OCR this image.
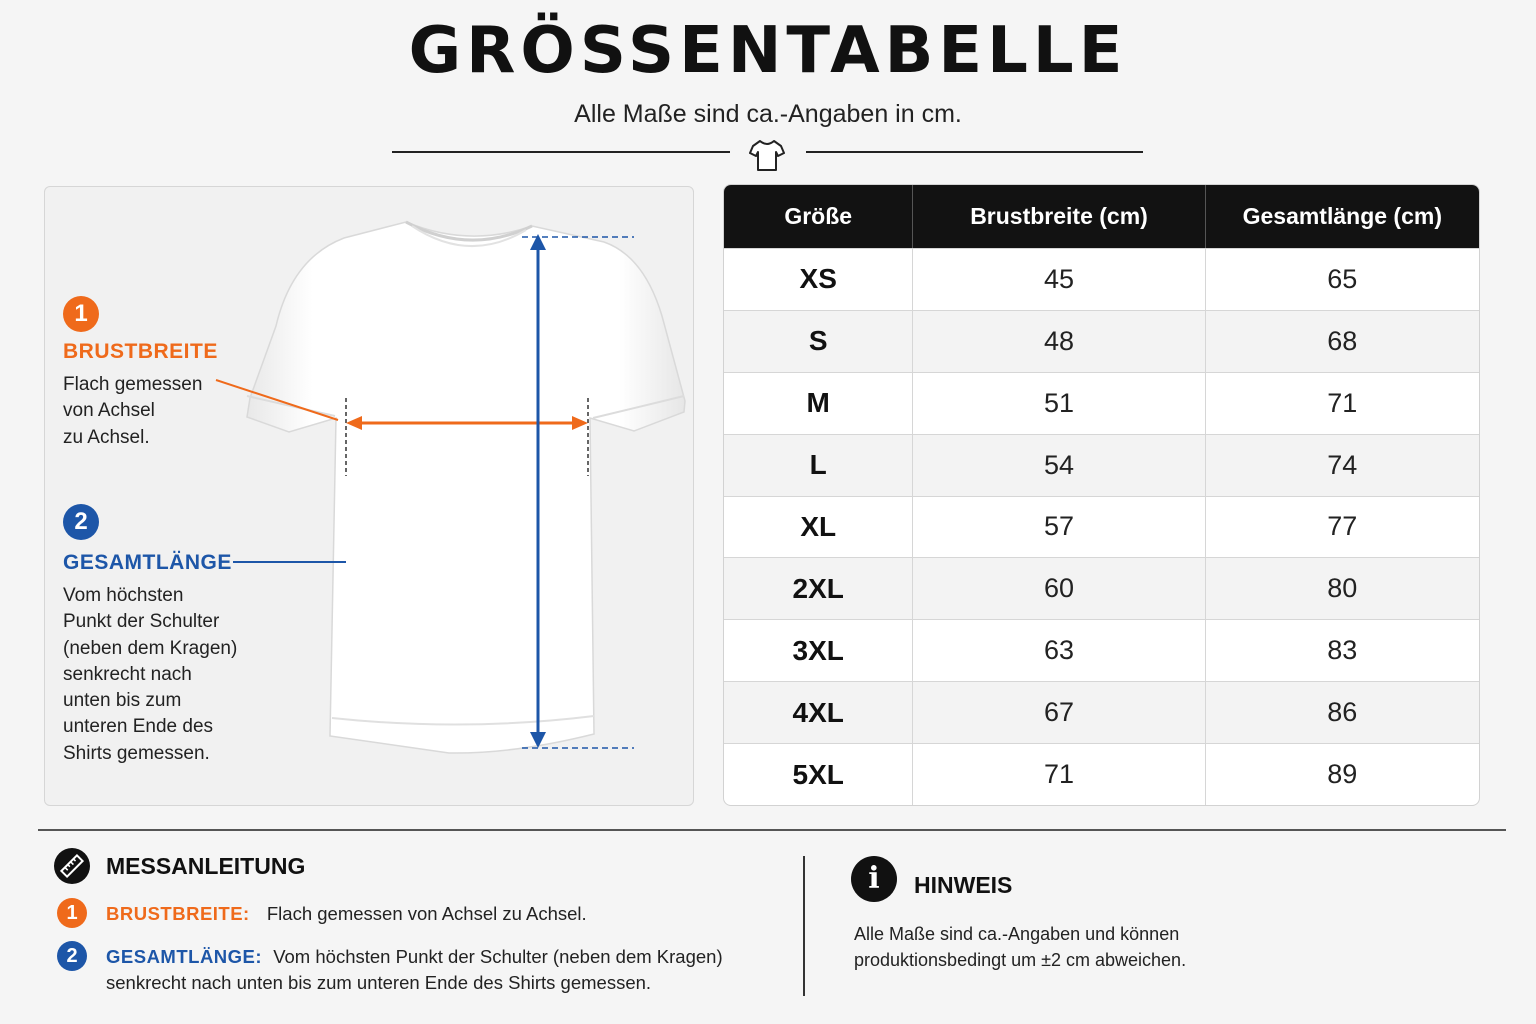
GRÖSSENTABELLE
Alle Maße sind ca.-Angaben in cm.
1
BRUSTBREITE
Flach gemessen
von Achsel
zu Achsel.
2
GESAMTLÄNGE
Vom höchsten
Punkt der Schulter
(neben dem Kragen)
senkrecht nach
unten bis zum
unteren Ende des
Shirts gemessen.
Größe	Brustbreite (cm)	Gesamtlänge (cm)
XS	45	65
S	48	68
M	51	71
L	54	74
XL	57	77
2XL	60	80
3XL	63	83
4XL	67	86
5XL	71	89
MESSANLEITUNG
1	BRUSTBREITE: Flach gemessen von Achsel zu Achsel.
2	GESAMTLÄNGE: Vom höchsten Punkt der Schulter (neben dem Kragen)
senkrecht nach unten bis zum unteren Ende des Shirts gemessen.
i HINWEIS
Alle Maße sind ca.-Angaben und können
produktionsbedingt um ±2 cm abweichen.
